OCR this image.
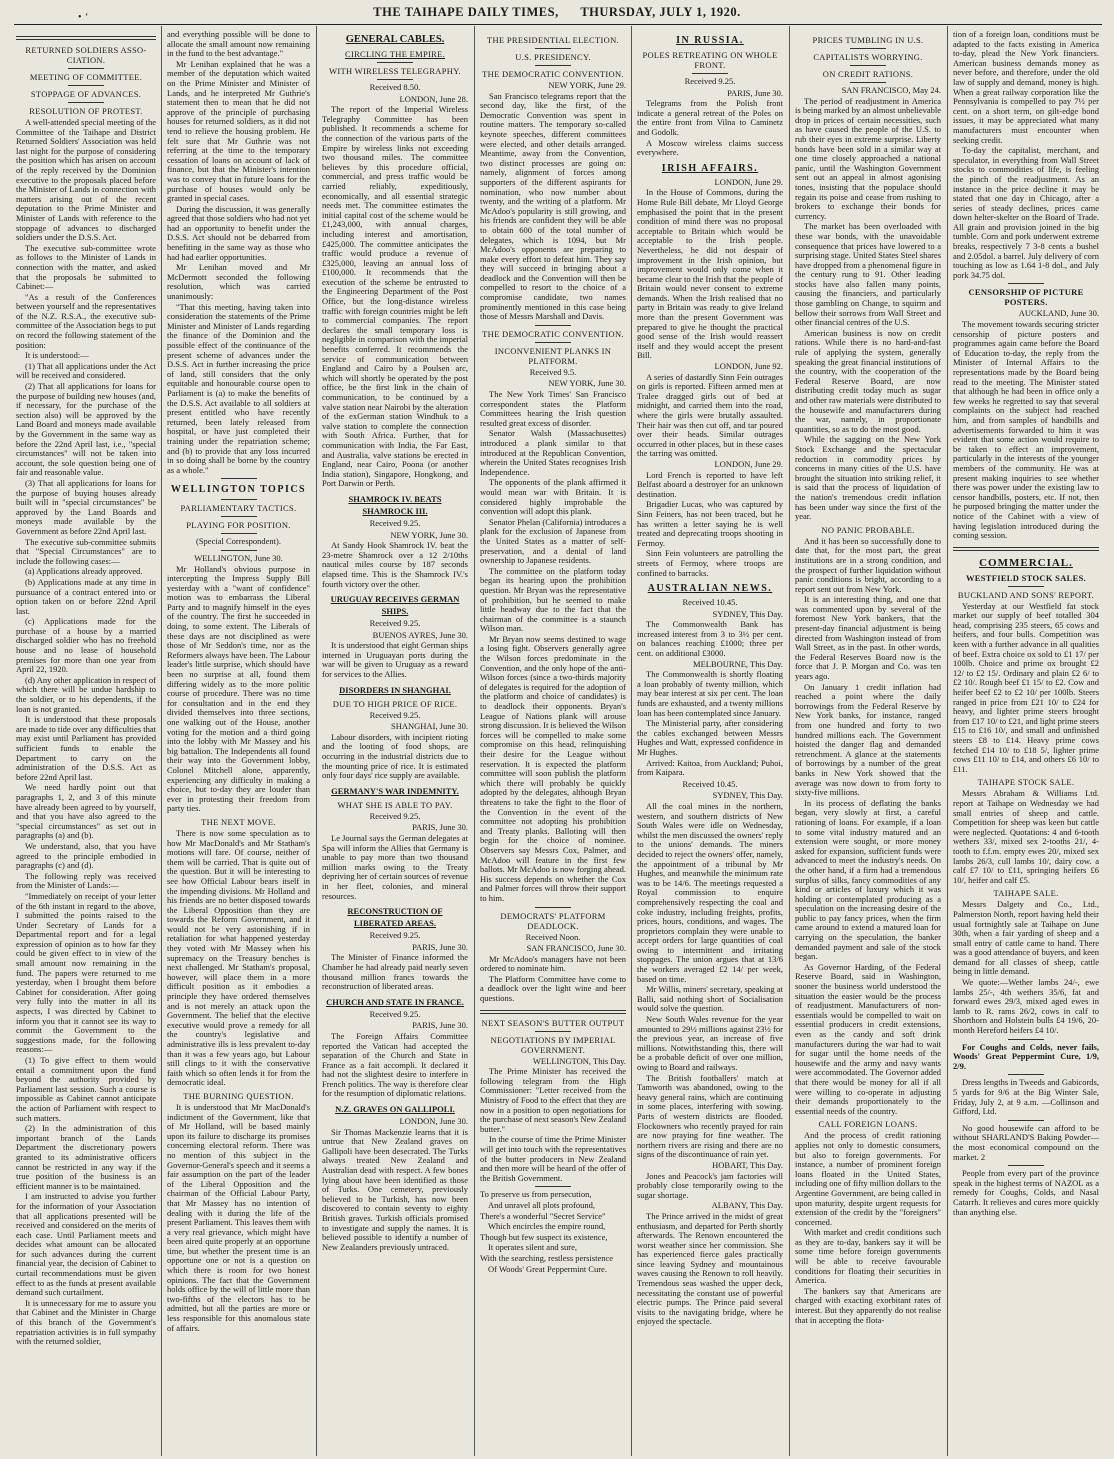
• ʻ	THE TAIHAPE DAILY TIMES, THURSDAY, JULY 1, 1920.
RETURNED SOLDIERS ASSO-CIATION.
MEETING OF COMMITTEE.
STOPPAGE OF ADVANCES.
RESOLUTION OF PROTEST.

A well-attended special meeting of the Committee of the Taihape and District Returned Soldiers' Association was held last night for the purpose of considering the position which has arisen on account of the reply received by the Dominion executive to the proposals placed before the Minister of Lands in connection with matters arising out of the recent deputation to the Prime Minister and Minister of Lands with reference to the stoppage of advances to discharged soldiers under the D.S.S. Act.

The executive sub-committee wrote as follows to the Minister of Lands in connection with the matter, and asked that the proposals be submitted to Cabinet:—

"As a result of the Conferences between yourself and the representatives of the N.Z. R.S.A., the executive sub-committee of the Association begs to put on record the following statement of the position:

It is understood:—

(1) That all applications under the Act will be received and considered.

(2) That all applications for loans for the purpose of building new houses (and, if necessary, for the purchase of the section also) will be approved by the Land Board and moneys made available by the Government in the same way as before the 22nd April last, i.e., "special circumstances" will not be taken into account, the sole question being one of fair and reasonable value.

(3) That all applications for loans for the purpose of buying houses already built will in "special circumstances" be approved by the Land Boards and moneys made available by the Government as before 22nd April last.

The executive sub-committee submits that "Special Circumstances" are to include the following cases:—

(a) Applications already approved.

(b) Applications made at any time in pursuance of a contract entered into or option taken on or before 22nd April last.

(c) Applications made for the purchase of a house by a married discharged soldier who has no freehold house and no lease of household premises for more than one year from April 22, 1920.

(d) Any other application in respect of which there will be undue hardship to the soldier, or to his dependents, if the loan is not granted.

It is understood that these proposals are made to tide over any difficulties that may exist until Parliament has provided sufficient funds to enable the Department to carry on the administration of the D.S.S. Act as before 22nd April last.

We need hardly point out that paragraphs 1, 2, and 3 of this minute have already been agreed to by yourself, and that you have also agreed to the "special circumstances" as set out in paragraphs (a) and (b).

We understand, also, that you have agreed to the principle embodied in paragraphs (c) and (d).

The following reply was received from the Minister of Lands:—

"Immediately on receipt of your letter of the 6th instant in regard to the above, I submitted the points raised to the Under Secretary of Lands for a Departmental report and for a legal expression of opinion as to how far they could be given effect to in view of the small amount now remaining in the fund. The papers were returned to me yesterday, when I brought them before Cabinet for consideration. After going very fully into the matter in all its aspects, I was directed by Cabinet to inform you that it cannot see its way to commit the Government to the suggestions made, for the following reasons:—

(1) To give effect to them would entail a commitment upon the fund beyond the authority provided by Parliament last session. Such a course is impossible as Cabinet cannot anticipate the action of Parliament with respect to such matters.

(2) In the administration of this important branch of the Lands Department the discretionary powers granted to its administrative officers cannot be restricted in any way if the true position of the business is an efficient manner is to be maintained.

I am instructed to advise you further for the information of your Association that all applications presented will be received and considered on the merits of each case. Until Parliament meets and decides what amount can be allocated for such advances during the current financial year, the decision of Cabinet to curtail recommendations must be given effect to as the funds at present available demand such curtailment.

It is unnecessary for me to assure you that Cabinet and the Minister in Charge of this branch of the Government's repatriation activities is in full sympathy with the returned soldier,

and everything possible will be done to allocate the small amount now remaining in the fund to the best advantage."

Mr Lenihan explained that he was a member of the deputation which waited on the Prime Minister and Minister of Lands, and he interpreted Mr Guthrie's statement then to mean that he did not approve of the principle of purchasing houses for returned soldiers, as it did not tend to relieve the housing problem. He felt sure that Mr Guthrie was not referring at the time to the temporary cessation of loans on account of lack of finance, but that the Minister's intention was to convey that in future loans for the purchase of houses would only be granted in special cases.

During the discussion, it was generally agreed that those soldiers who had not yet had an opportunity to benefit under the D.S.S. Act should not be debarred from benefiting in the same way as those who had had earlier opportunities.

Mr Lenihan moved and Mr McDermott seconded the following resolution, which was carried unanimously:

"That this meeting, having taken into consideration the statements of the Prime Minister and Minister of Lands regarding the finance of the Dominion and the possible effect of the continuance of the present scheme of advances under the D.S.S. Act in further increasing the price of land, still considers that the only equitable and honourable course open to Parliament is (a) to make the benefits of the D.S.S. Act available to all soldiers at present entitled who have recently returned, been lately released from hospital, or have just completed their training under the repatriation scheme; and (b) to provide that any loss incurred in so doing shall be borne by the country as a whole."

WELLINGTON TOPICS
PARLIAMENTARY TACTICS.
PLAYING FOR POSITION.
(Special Correspondent).
WELLINGTON, June 30.

Mr Holland's obvious purpose in intercepting the Impress Supply Bill yesterday with a "want of confidence" motion was to embarrass the Liberal Party and to magnify himself in the eyes of the country. The first he succeeded in doing, to some extent. The Liberals of these days are not disciplined as were those of Mr Seddon's time, nor as the Reformers always have been. The Labour leader's little surprise, which should have been no surprise at all, found them differing widely as to the more politic course of procedure. There was no time for consultation and in the end they divided themselves into three sections, one walking out of the House, another voting for the motion and a third going into the lobby with Mr Massey and his big battalion. The Independents all found their way into the Government lobby, Colonel Mitchell alone, apparently, experiencing any difficulty in making a choice, but to-day they are louder than ever in protesting their freedom from party ties.

THE NEXT MOVE.

There is now some speculation as to how Mr MacDonald's and Mr Statham's motions will fare. Of course, neither of them will be carried. That is quite out of the question. But it will be interesting to see how Official Labour bears itself in the impending divisions. Mr Holland and his friends are no better disposed towards the Liberal Opposition than they are towards the Reform Government, and it would not be very astonishing if in retaliation for what happened yesterday they voted with Mr Massey when his supremacy on the Treasury benches is next challenged. Mr Statham's proposal, however, will place them in a more difficult position as it embodies a principle they have ordered themselves and is not merely an attack upon the Government. The belief that the elective executive would prove a remedy for all the country's legislative and administrative ills is less prevalent to-day than it was a few years ago, but Labour still clings to it with the conservative faith which so often lends it for from the democratic ideal.

THE BURNING QUESTION.

It is understood that Mr MacDonald's indictment of the Government, like that of Mr Holland, will be based mainly upon its failure to discharge its promises concerning electoral reform. There was no mention of this subject in the Governor-General's speech and it seems a fair assumption on the part of the leader of the Liberal Opposition and the chairman of the Official Labour Party, that Mr Massey has no intention of dealing with it during the life of the present Parliament. This leaves them with a very real grievance, which might have been aired quite properly at an opportune time, but whether the present time is an opportune one or not is a question on which there is room for two honest opinions. The fact that the Government holds office by the will of little more than two-fifths of the electors has to be admitted, but all the parties are more or less responsible for this anomalous state of affairs.

GENERAL CABLES.
CIRCLING THE EMPIRE.
WITH WIRELESS TELEGRAPHY.
Received 8.50.
LONDON, June 28.

The report of the Imperial Wireless Telegraphy Committee has been published. It recommends a scheme for the connection of the various parts of the Empire by wireless links not exceeding two thousand miles. The committee believes by this procedure official, commercial, and press traffic would be carried reliably, expeditiously, economically, and all essential strategic needs met. The committee estimates the initial capital cost of the scheme would be £1,243,000, with annual charges, including interest and amortisation, £425,000. The committee anticipates the traffic would produce a revenue of £325,000, leaving an annual loss of £100,000. It recommends that the execution of the scheme be entrusted to the Engineering Department of the Post Office, but the long-distance wireless traffic with foreign countries might be left to commercial companies. The report declares the small temporary loss is negligible in comparison with the imperial benefits conferred. It recommends the service of communication between England and Cairo by a Poulsen arc, which will shortly be operated by the post office, be the first link in the chain of communication, to be continued by a valve station near Nairobi by the alteration of the exGerman station Windhuk to a valve station to complete the connection with South Africa. Further, that for communication with India, the Far East, and Australia, valve stations be erected in England, near Cairo, Poona (or another India station), Singapore, Hongkong, and Port Darwin or Perth.

SHAMROCK IV. BEATS SHAMROCK III.
Received 9.25.
NEW YORK, June 30.

At Sandy Hook Shamrock IV. beat the 23-metre Shamrock over a 12 2/10ths nautical miles course by 187 seconds elapsed time. This is the Shamrock IV.'s fourth victory over the other.

URUGUAY RECEIVES GERMAN SHIPS.
Received 9.25.
BUENOS AYRES, June 30.

It is understood that eight German ships interned in Uruguayan ports during the war will be given to Uruguay as a reward for services to the Allies.

DISORDERS IN SHANGHAI.
DUE TO HIGH PRICE OF RICE.
Received 9.25.
SHANGHAI, June 30.

Labour disorders, with incipient rioting and the looting of food shops, are occurring in the industrial districts due to the mounting price of rice. It is estimated only four days' rice supply are available.

GERMANY'S WAR INDEMNITY.
WHAT SHE IS ABLE TO PAY.
Received 9.25.
PARIS, June 30.

Le Journal says the German delegates at Spa will inform the Allies that Germany is unable to pay more than two thousand million marks owing to the Treaty depriving her of certain sources of revenue in her fleet, colonies, and mineral resources.

RECONSTRUCTION OF LIBERATED AREAS.
Received 9.25.
PARIS, June 30.

The Minister of Finance informed the Chamber he had already paid nearly seven thousand million francs towards the reconstruction of liberated areas.

CHURCH AND STATE IN FRANCE.
Received 9.25.
PARIS, June 30.

The Foreign Affairs Committee reported the Vatican had accepted the separation of the Church and State in France as a fait accompli. It declared it had not the slightest desire to interfere in French politics. The way is therefore clear for the resumption of diplomatic relations.

N.Z. GRAVES ON GALLIPOLI.
LONDON, June 30.

Sir Thomas Mackenzie learns that it is untrue that New Zealand graves on Gallipoli have been desecrated. The Turks always treated New Zealand and Australian dead with respect. A few bones lying about have been identified as those of Turks. One cemetery, previously believed to be Turkish, has now been discovered to contain seventy to eighty British graves. Turkish officials promised to investigate and supply the names. It is believed possible to identify a number of New Zealanders previously untraced.

THE PRESIDENTIAL ELECTION.
U.S. PRESIDENCY.
THE DEMOCRATIC CONVENTION.
NEW YORK, June 29.

San Francisco telegrams report that the second day, like the first, of the Democratic Convention was spent in routine matters. The temporary so-called keynote speeches, different committees were elected, and other details arranged. Meantime, away from the Convention, two distinct processes are going on: namely, alignment of forces among supporters of the different aspirants for nomination, who now number about twenty, and the writing of a platform. Mr McAdoo's popularity is still growing, and his friends are confident they will be able to obtain 600 of the total number of delegates, which is 1094, but Mr McAdoo's opponents are preparing to make every effort to defeat him. They say they will succeed in bringing about a deadlock and the Convention will then be compelled to resort to the choice of a compromise candidate, two names prominently mentioned in this case being those of Messrs Marshall and Davis.

THE DEMOCRATIC CONVENTION.
INCONVENIENT PLANKS IN PLATFORM.
Received 9.5.
NEW YORK, June 30.

The New York Times' San Francisco correspondent states the Platform Committees hearing the Irish question resulted great excess of disorder.

Senator Walsh (Massachusettes) introduced a plank similar to that introduced at the Republican Convention, wherein the United States recognises Irish Independence.

The opponents of the plank affirmed it would mean war with Britain. It is considered highly improbable the convention will adopt this plank.

Senator Phelan (California) introduces a plank for the exclusion of Japanese from the United States as a matter of self-preservation, and a denial of land ownership to Japanese residents.

The committee on the platform today began its hearing upon the prohibition question. Mr Bryan was the representative of prohibition, but he seemed to make little headway due to the fact that the chairman of the committee is a staunch Wilson man.

Mr Bryan now seems destined to wage a losing fight. Observers generally agree the Wilson forces predominate in the Convention, and the only hope of the anti-Wilson forces (since a two-thirds majority of delegates is required for the adoption of the platform and choice of candidates) is to deadlock their opponents. Bryan's League of Nations plank will arouse strong discussion. It is believed the Wilson forces will be compelled to make some compromise on this head, relinquishing their desire for the League without reservation. It is expected the platform committee will soon publish the platform which there will probably be quickly adopted by the delegates, although Bryan threatens to take the fight to the floor of the Convention in the event of the committee not adopting his prohibition and Treaty planks. Balloting will then begin for the choice of nominee. Observers say Messrs Cox, Palmer, and McAdoo will feature in the first few ballots. Mr McAdoo is now forging ahead. His success depends on whether the Cox and Palmer forces will throw their support to him.

DEMOCRATS' PLATFORM DEADLOCK.
Received Noon.
SAN FRANCISCO, June 30.

Mr McAdoo's managers have not been ordered to nominate him.

The Platform Committee have come to a deadlock over the light wine and beer questions.

NEXT SEASON'S BUTTER OUTPUT
NEGOTIATIONS BY IMPERIAL GOVERNMENT.
WELLINGTON, This Day.

The Prime Minister has received the following telegram from the High Commissioner: "Letter received from the Ministry of Food to the effect that they are now in a position to open negotiations for the purchase of next season's New Zealand butter."

In the course of time the Prime Minister will get into touch with the representatives of the butter producers in New Zealand and then more will be heard of the offer of the British Government.

To preserve us from persecution,

And unravel all plots profound,

There's a wonderful "Secret Service"

Which encircles the empire round,

Though but few suspect its existence,

It operates silent and sure,

With the searching, restless persistence

Of Woods' Great Peppermint Cure.

IN RUSSIA.
POLES RETREATING ON WHOLE FRONT.
Received 9.25.
PARIS, June 30.

Telegrams from the Polish front indicate a general retreat of the Poles on the entire front from Vilna to Caminetz and Godolk.

A Moscow wireless claims success everywhere.

IRISH AFFAIRS.
LONDON, June 29.

In the House of Commons, during the Home Rule Bill debate, Mr Lloyd George emphasised the point that in the present condition of mind there was no proposal acceptable to Britain which would be acceptable to the Irish people. Nevertheless, he did not despair of improvement in the Irish opinion, but improvement would only come when it became clear to the Irish that the people of Britain would never consent to extreme demands. When the Irish realised that no party in Britain was ready to give Ireland more than the present Government was prepared to give he thought the practical good sense of the Irish would reassert itself and they would accept the present Bill.

LONDON, June 92.

A series of dastardly Sinn Fein outrages on girls is reported. Fifteen armed men at Tralee dragged girls out of bed at midnight, and carried them into the road, where the girls were brutally assaulted. Their hair was then cut off, and tar poured over their heads. Similar outrages occurred in other places, but in these cases the tarring was omitted.

LONDON, June 29.

Lord French is reported to have left Belfast aboard a destroyer for an unknown destination.

Brigadier Lucas, who was captured by Sinn Feiners, has not been traced, but he has written a letter saying he is well treated and deprecating troops shooting in Fermoy.

Sinn Fein volunteers are patrolling the streets of Fermoy, where troops are confined to barracks.

AUSTRALIAN NEWS.
Received 10.45.
SYDNEY, This Day.

The Commonwealth Bank has increased interest from 3 to 3½ per cent. on balances reaching £1000; three per cent. on additional £3000.

MELBOURNE, This Day.

The Commonwealth is shortly floating a loan probably of twenty million, which may bear interest at six per cent. The loan funds are exhausted, and a twenty millions loan has been contemplated since January.

The Ministerial party, after considering the cables exchanged between Messrs Hughes and Watt, expressed confidence in Mr Hughes.

Arrived: Kaitoa, from Auckland; Puhoi, from Kaipara.

Received 10.45.
SYDNEY, This Day.

All the coal mines in the northern, western, and southern districts of New South Wales were idle on Wednesday, whilst the men discussed the owners' reply to the unions' demands. The miners decided to reject the owners' offer, namely, the appointment of a tribunal by Mr Hughes, and meanwhile the minimum rate was to be 14/6. The meetings requested a Royal commission to enquire comprehensively respecting the coal and coke industry, including freights, profits, prices, hours, conditions, and wages. The proprietors complain they were unable to accept orders for large quantities of coal owing to intermittent and irritating stoppages. The union argues that at 13/6 the workers averaged £2 14/ per week, based on time.

Mr Willis, miners' secretary, speaking at Balli, said nothing short of Socialisation would solve the question.

New South Wales revenue for the year amounted to 29½ millions against 23½ for the previous year, an increase of five millions. Notwithstanding this, there will be a probable deficit of over one million, owing to Board and railways.

The British footballers' match at Tamworth was abandoned, owing to the heavy general rains, which are continuing in some places, interfering with sowing. Parts of western districts are flooded. Flockowners who recently prayed for rain are now praying for fine weather. The northern rivers are rising and there are no signs of the discontinuance of rain yet.

HOBART, This Day.

Jones and Peacock's jam factories will probably close temporarily owing to the sugar shortage.

ALBANY, This Day.

The Prince arrived in the midst of great enthusiasm, and departed for Perth shortly afterwards. The Renown encountered the worst weather since her commission. She has experienced fierce gales practically since leaving Sydney and mountainous waves causing the Renown to roll heavily. Tremendous seas washed the upper deck, necessitating the constant use of powerful electric pumps. The Prince paid several visits to the navigating bridge, where he enjoyed the spectacle.

PRICES TUMBLING IN U.S.
CAPITALISTS WORRYING.
ON CREDIT RATIONS.
SAN FRANCISCO, May 24.

The period of readjustment in America is being marked by an almost unbelievable drop in prices of certain necessities, such as have caused the people of the U.S. to rub their eyes in extreme surprise. Liberty bonds have been sold in a similar way at one time closely approached a national panic, until the Washington Government sent out an appeal in almost agonising tones, insisting that the populace should regain its poise and cease from rushing to brokers to exchange their bonds for currency.

The market has been overloaded with these war bonds, with the unavoidable consequence that prices have lowered to a surprising stage. United States Steel shares have dropped from a phenomenal figure in the century rung to 91. Other leading stocks have also fallen many points, causing the financiers, and particularly those gambling on Change, to squirm and bellow their sorrows from Wall Street and other financial centres of the U.S.

American business is now on credit rations. While there is no hard-and-fast rule of applying the system, generally speaking the great financial institutions of the country, with the cooperation of the Federal Reserve Board, are now distributing credit today much as sugar and other raw materials were distributed to the housewife and manufacturers during the war, namely, in proportionate quantities, so as to do the most good.

While the sagging on the New York Stock Exchange and the spectacular reduction in commodity prices by concerns in many cities of the U.S. have brought the situation into striking relief, it is said that the process of liquidation of the nation's tremendous credit inflation has been under way since the first of the year.

NO PANIC PROBABLE.

And it has been so successfully done to date that, for the most part, the great institutions are in a strong condition, and the prospect of further liquidation without panic conditions is bright, according to a report sent out from New York.

It is an interesting thing, and one that was commented upon by several of the foremost New York bankers, that the present-day financial adjustment is being directed from Washington instead of from Wall Street, as in the past. In other words, the Federal Reserves Board now is the force that J. P. Morgan and Co. was ten years ago.

On January 1 credit inflation had reached a point where the daily borrowings from the Federal Reserve by New York banks, for instance, ranged from one hundred and forty to two hundred millions each. The Government hoisted the danger flag and demanded retrenchment. A glance at the statements of borrowings by a number of the great banks in New York showed that the average was now down to from forty to sixty-five millions.

In its process of deflating the banks began, very slowly at first, a careful rationing of loans. For example, if a loan to some vital industry matured and an extension were sought, or more money asked for expansion, sufficient funds were advanced to meet the industry's needs. On the other hand, if a firm had a tremendous surplus of silks, fancy commodities of any kind or articles of luxury which it was holding or contemplated producing as a speculation on the increasing desire of the public to pay fancy prices, when the firm came around to extend a matured loan for carrying on the speculation, the banker demanded payment and sale of the stock began.

As Governor Harding, of the Federal Reserve Board, said in Washington, sooner the business world understood the situation the easier would be the process of readjustment. Manufacturers of non-essentials would be compelled to wait on essential producers in credit extensions, even as the candy and soft drink manufacturers during the war had to wait for sugar until the home needs of the housewife and the army and navy wants were accommodated. The Governor added that there would be money for all if all were willing to co-operate in adjusting their demands proportionately to the essential needs of the country.

CALL FOREIGN LOANS.

And the process of credit rationing applies not only to domestic consumers, but also to foreign governments. For instance, a number of prominent foreign loans floated in the United States, including one of fifty million dollars to the Argentine Government, are being called in upon maturity, despite urgent requests for extension of the credit by the "foreigners" concerned.

With market and credit conditions such as they are to-day, bankers say it will be some time before foreign governments will be able to receive favourable conditions for floating their securities in America.

The bankers say that Americans are charged with exacting exorbitant rates of interest. But they apparently do not realise that in accepting the flota-

tion of a foreign loan, conditions must be adapted to the facts existing in America to-day, plead the New York financiers. American business demands money as never before, and therefore, under the old law of supply and demand, money is high. When a great railway corporation like the Pennsylvania is compelled to pay 7½ per cent. on a short term, on gilt-edge bond issues, it may be appreciated what many manufacturers must encounter when seeking credit.

To-day the capitalist, merchant, and speculator, in everything from Wall Street stocks to commodities of life, is feeling the pinch of the readjustment. As an instance in the price decline it may be stated that one day in Chicago, after a series of steady declines, prices came down helter-skelter on the Board of Trade. All grain and provision joined in the big tumble. Corn and pork underwent extreme breaks, respectively 7 3-8 cents a bushel and 2.05dol. a barrel. July delivery of corn touching as low as 1.64 1-8 dol., and July pork 34.75 dol.

CENSORSHIP OF PICTURE POSTERS.
AUCKLAND, June 30.

The movement towards securing stricter censorship of picture posters and programmes again came before the Board of Education to-day, the reply from the Minister of Internal Affairs to the representations made by the Board being read to the meeting. The Minister stated that although he had been in office only a few weeks he regretted to say that several complaints on the subject had reached him, and from samples of handbills and advertisements forwarded to him it was evident that some action would require to be taken to effect an improvement, particularly in the interests of the younger members of the community. He was at present making inquiries to see whether there was power under the existing law to censor handbills, posters, etc. If not, then he purposed bringing the matter under the notice of the Cabinet with a view of having legislation introduced during the coming session.

COMMERCIAL.
WESTFIELD STOCK SALES.
BUCKLAND AND SONS' REPORT.

Yesterday at our Westfield fat stock market our supply of beef totalled 304 head, comprising 235 steers, 65 cows and heifers, and four bulls. Competition was keen with a further advance in all qualities of beef. Extra choice ox sold to £1 17/ per 100lb. Choice and prime ox brought £2 12/ to £2 15/. Ordinary and plain £2 6/ to £2 10/. Rough beef £1 15/ to £2. Cow and heifer beef £2 to £2 10/ per 100lb. Steers ranged in price from £21 10/ to £24 for heavy, and lighter prime steers brought from £17 10/ to £21, and light prime steers £15 to £16 10/, and small and unfinished steers £8 to £14. Heavy prime cows fetched £14 10/ to £18 5/, lighter prime cows £11 10/ to £14, and others £6 10/ to £11.

TAIHAPE STOCK SALE.

Messrs Abraham & Williams Ltd. report at Taihape on Wednesday we had small entries of sheep and cattle. Competition for sheep was keen but cattle were neglected. Quotations: 4 and 6-tooth wethers 33/, mixed sex 2-tooths 21/, 4-tooth to f.f.m. empty ewes 20/, mixed sex lambs 26/3, cull lambs 10/, dairy cow. a calf £7 10/ to £11, springing heifers £6 10/, heifer and calf £5.

TAIHAPE SALE.

Messrs Dalgety and Co., Ltd., Palmerston North, report having held their usual fortnightly sale at Taihape on June 30th, when a fair yarding of sheep and a small entry of cattle came to hand. There was a good attendance of buyers, and keen demand for all classes of sheep, cattle being in little demand.

We quote:—Wether lambs 24/-, ewe lambs 25/-, 4th wethers 35/6, fat and forward ewes 29/3, mixed aged ewes in lamb to R. rams 26/2, cows in calf to Shorthorn and Holstein bulls £4 19/6, 20-month Hereford heifers £4 10/.

For Coughs and Colds, never fails, Woods' Great Peppermint Cure, 1/9, 2/9.

Dress lengths in Tweeds and Gabicords, 5 yards for 9/6 at the Big Winter Sale, Friday, July 2, at 9 a.m. —Collinson and Gifford, Ltd.

No good housewife can afford to be without SHARLAND'S Baking Powder—the most economical compound on the market. 2

People from every part of the province speak in the highest terms of NAZOL as a remedy for Coughs, Colds, and Nasal Catarrh. It relieves and cures more quickly than anything else.
